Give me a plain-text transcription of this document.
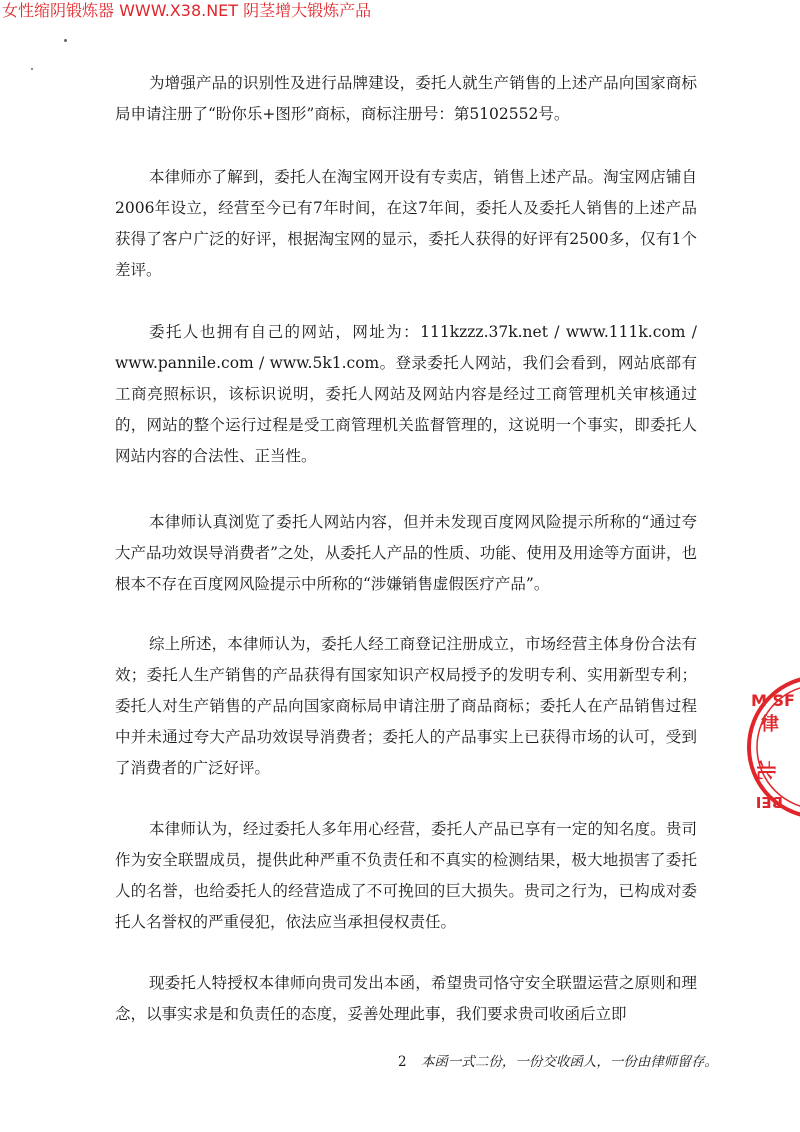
女性缩阴锻炼器 WWW.X38.NET 阴茎增大锻炼产品

为增强产品的识别性及进行品牌建设，委托人就生产销售的上述产品向国家商标局申请注册了“盼你乐+图形”商标，商标注册号：第5102552号。

本律师亦了解到，委托人在淘宝网开设有专卖店，销售上述产品。淘宝网店铺自2006年设立，经营至今已有7年时间，在这7年间，委托人及委托人销售的上述产品获得了客户广泛的好评，根据淘宝网的显示，委托人获得的好评有2500多，仅有1个差评。

委托人也拥有自己的网站，网址为：111kzzz.37k.net / www.111k.com / www.pannile.com / www.5k1.com。登录委托人网站，我们会看到，网站底部有工商亮照标识，该标识说明，委托人网站及网站内容是经过工商管理机关审核通过的，网站的整个运行过程是受工商管理机关监督管理的，这说明一个事实，即委托人网站内容的合法性、正当性。

本律师认真浏览了委托人网站内容，但并未发现百度网风险提示所称的“通过夸大产品功效误导消费者”之处，从委托人产品的性质、功能、使用及用途等方面讲，也根本不存在百度网风险提示中所称的“涉嫌销售虚假医疗产品”。

综上所述，本律师认为，委托人经工商登记注册成立，市场经营主体身份合法有效；委托人生产销售的产品获得有国家知识产权局授予的发明专利、实用新型专利；委托人对生产销售的产品向国家商标局申请注册了商品商标；委托人在产品销售过程中并未通过夸大产品功效误导消费者；委托人的产品事实上已获得市场的认可，受到了消费者的广泛好评。

本律师认为，经过委托人多年用心经营，委托人产品已享有一定的知名度。贵司作为安全联盟成员，提供此种严重不负责任和不真实的检测结果，极大地损害了委托人的名誉，也给委托人的经营造成了不可挽回的巨大损失。贵司之行为，已构成对委托人名誉权的严重侵犯，依法应当承担侵权责任。

现委托人特授权本律师向贵司发出本函，希望贵司恪守安全联盟运营之原则和理念，以事实求是和负责任的态度，妥善处理此事，我们要求贵司收函后立即

2 本函一式二份，一份交收函人，一份由律师留存。
M SF
律
北
BEI
